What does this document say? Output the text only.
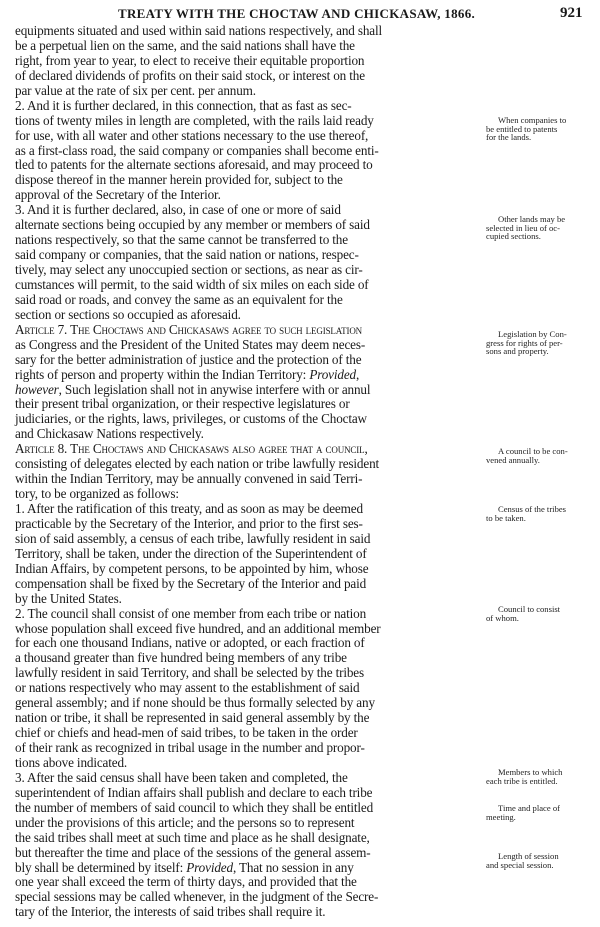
TREATY WITH THE CHOCTAW AND CHICKASAW, 1866.	921
equipments situated and used within said nations respectively, and shall
be a perpetual lien on the same, and the said nations shall have the
right, from year to year, to elect to receive their equitable proportion
of declared dividends of profits on their said stock, or interest on the
par value at the rate of six per cent. per annum.
2. And it is further declared, in this connection, that as fast as sec-
tions of twenty miles in length are completed, with the rails laid ready
for use, with all water and other stations necessary to the use thereof,
as a first-class road, the said company or companies shall become enti-
tled to patents for the alternate sections aforesaid, and may proceed to
dispose thereof in the manner herein provided for, subject to the
approval of the Secretary of the Interior.
3. And it is further declared, also, in case of one or more of said
alternate sections being occupied by any member or members of said
nations respectively, so that the same cannot be transferred to the
said company or companies, that the said nation or nations, respec-
tively, may select any unoccupied section or sections, as near as cir-
cumstances will permit, to the said width of six miles on each side of
said road or roads, and convey the same as an equivalent for the
section or sections so occupied as aforesaid.
Article 7. The Choctaws and Chickasaws agree to such legislation
as Congress and the President of the United States may deem neces-
sary for the better administration of justice and the protection of the
rights of person and property within the Indian Territory: Provided,
however, Such legislation shall not in anywise interfere with or annul
their present tribal organization, or their respective legislatures or
judiciaries, or the rights, laws, privileges, or customs of the Choctaw
and Chickasaw Nations respectively.
Article 8. The Choctaws and Chickasaws also agree that a council,
consisting of delegates elected by each nation or tribe lawfully resident
within the Indian Territory, may be annually convened in said Terri-
tory, to be organized as follows:
1. After the ratification of this treaty, and as soon as may be deemed
practicable by the Secretary of the Interior, and prior to the first ses-
sion of said assembly, a census of each tribe, lawfully resident in said
Territory, shall be taken, under the direction of the Superintendent of
Indian Affairs, by competent persons, to be appointed by him, whose
compensation shall be fixed by the Secretary of the Interior and paid
by the United States.
2. The council shall consist of one member from each tribe or nation
whose population shall exceed five hundred, and an additional member
for each one thousand Indians, native or adopted, or each fraction of
a thousand greater than five hundred being members of any tribe
lawfully resident in said Territory, and shall be selected by the tribes
or nations respectively who may assent to the establishment of said
general assembly; and if none should be thus formally selected by any
nation or tribe, it shall be represented in said general assembly by the
chief or chiefs and head-men of said tribes, to be taken in the order
of their rank as recognized in tribal usage in the number and propor-
tions above indicated.
3. After the said census shall have been taken and completed, the
superintendent of Indian affairs shall publish and declare to each tribe
the number of members of said council to which they shall be entitled
under the provisions of this article; and the persons so to represent
the said tribes shall meet at such time and place as he shall designate,
but thereafter the time and place of the sessions of the general assem-
bly shall be determined by itself: Provided, That no session in any
one year shall exceed the term of thirty days, and provided that the
special sessions may be called whenever, in the judgment of the Secre-
tary of the Interior, the interests of said tribes shall require it.
When companies to
be entitled to patents
for the lands.
Other lands may be
selected in lieu of oc-
cupied sections.
Legislation by Con-
gress for rights of per-
sons and property.
A council to be con-
vened annually.
Census of the tribes
to be taken.
Council to consist
of whom.
Members to which
each tribe is entitled.
Time and place of
meeting.
Length of session
and special session.
